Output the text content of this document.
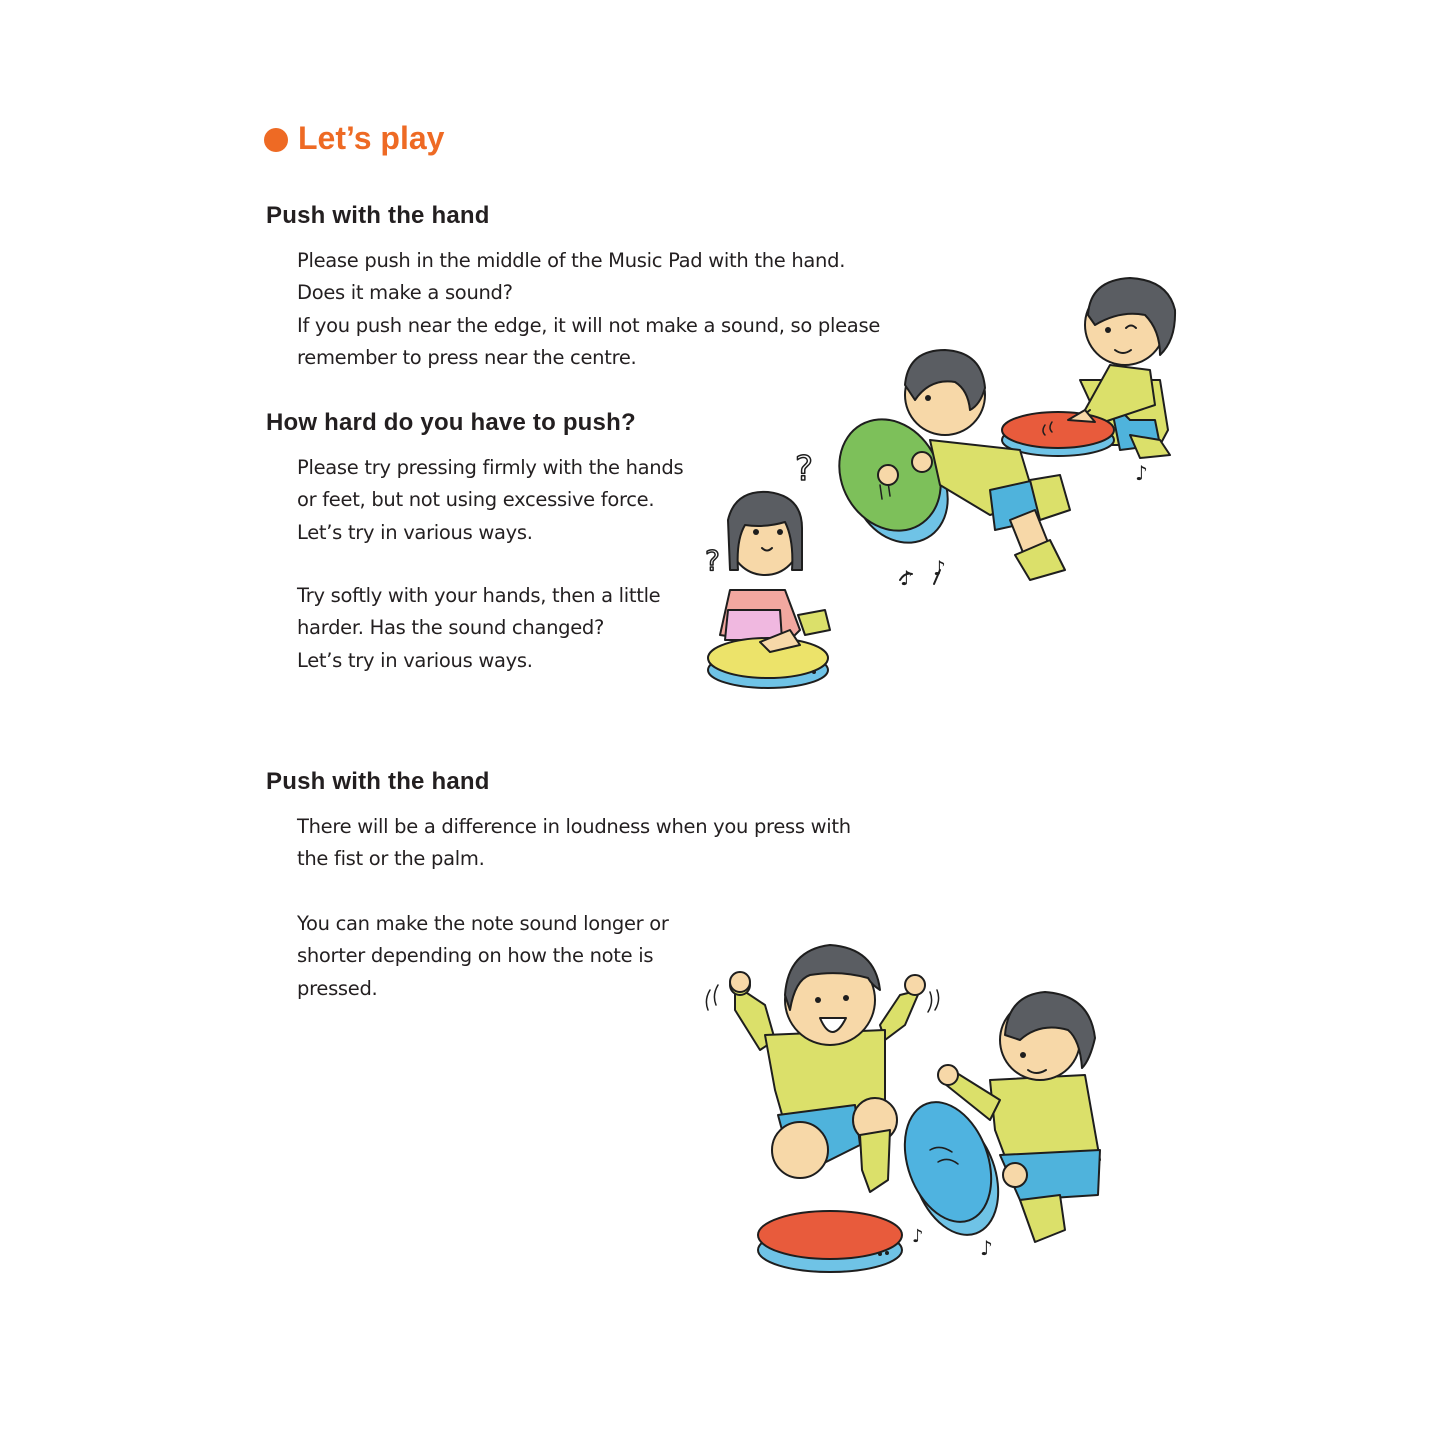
Let’s play
Push with the hand
Please push in the middle of the Music Pad with the hand.
Does it make a sound?
If you push near the edge, it will not make a sound, so please
remember to press near the centre.
How hard do you have to push?
Please try pressing firmly with the hands
or feet, but not using excessive force.
Let’s try in various ways.
Try softly with your hands, then a little
harder. Has the sound changed?
Let’s try in various ways.
Push with the hand
There will be a difference in loudness when you press with
the fist or the palm.
You can make the note sound longer or
shorter depending on how the note is
pressed.
♪
♪ ♪
?
?
♪
♪
